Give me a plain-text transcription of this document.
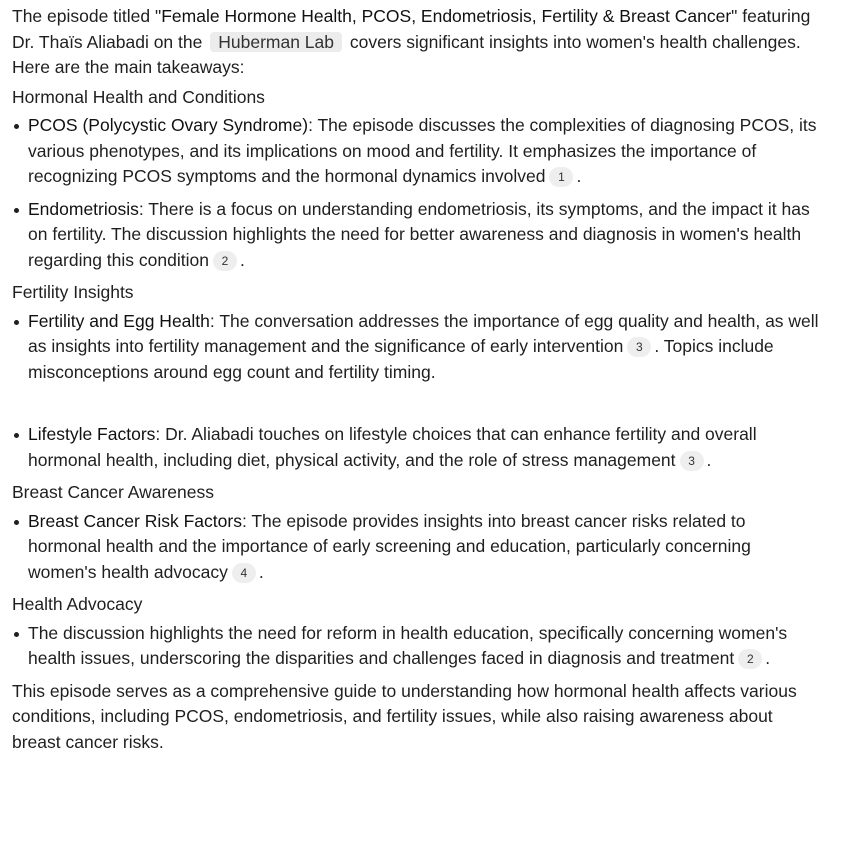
The episode titled "Female Hormone Health, PCOS, Endometriosis, Fertility & Breast Cancer" featuring Dr. Thaïs Aliabadi on the Huberman Lab covers significant insights into women's health challenges. Here are the main takeaways:

Hormonal Health and Conditions
PCOS (Polycystic Ovary Syndrome): The episode discusses the complexities of diagnosing PCOS, its various phenotypes, and its implications on mood and fertility. It emphasizes the importance of recognizing PCOS symptoms and the hormonal dynamics involved 1 .
Endometriosis: There is a focus on understanding endometriosis, its symptoms, and the impact it has on fertility. The discussion highlights the need for better awareness and diagnosis in women's health regarding this condition 2 .
Fertility Insights
Fertility and Egg Health: The conversation addresses the importance of egg quality and health, as well as insights into fertility management and the significance of early intervention 3 . Topics include misconceptions around egg count and fertility timing.
Lifestyle Factors: Dr. Aliabadi touches on lifestyle choices that can enhance fertility and overall hormonal health, including diet, physical activity, and the role of stress management 3 .
Breast Cancer Awareness
Breast Cancer Risk Factors: The episode provides insights into breast cancer risks related to hormonal health and the importance of early screening and education, particularly concerning women's health advocacy 4 .
Health Advocacy
The discussion highlights the need for reform in health education, specifically concerning women's health issues, underscoring the disparities and challenges faced in diagnosis and treatment 2 .

This episode serves as a comprehensive guide to understanding how hormonal health affects various conditions, including PCOS, endometriosis, and fertility issues, while also raising awareness about breast cancer risks.
